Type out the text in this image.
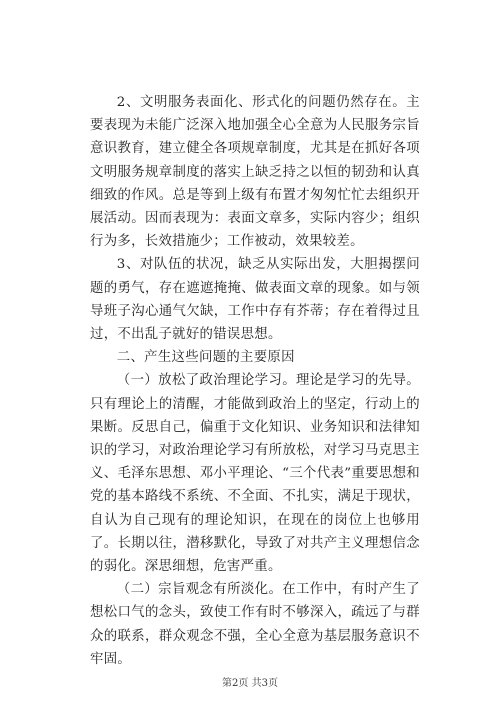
2、文明服务表面化、形式化的问题仍然存在。主要表现为未能广泛深入地加强全心全意为人民服务宗旨意识教育，建立健全各项规章制度，尤其是在抓好各项文明服务规章制度的落实上缺乏持之以恒的韧劲和认真细致的作风。总是等到上级有布置才匆匆忙忙去组织开展活动。因而表现为：表面文章多，实际内容少；组织行为多，长效措施少；工作被动，效果较差。

3、对队伍的状况，缺乏从实际出发，大胆揭摆问题的勇气，存在遮遮掩掩、做表面文章的现象。如与领导班子沟心通气欠缺，工作中存有芥蒂；存在着得过且过，不出乱子就好的错误思想。

二、产生这些问题的主要原因

（一）放松了政治理论学习。理论是学习的先导。只有理论上的清醒，才能做到政治上的坚定，行动上的果断。反思自己，偏重于文化知识、业务知识和法律知识的学习，对政治理论学习有所放松，对学习马克思主义、毛泽东思想、邓小平理论、“三个代表”重要思想和党的基本路线不系统、不全面、不扎实，满足于现状，自认为自己现有的理论知识，在现在的岗位上也够用了。长期以往，潜移默化，导致了对共产主义理想信念的弱化。深思细想，危害严重。

（二）宗旨观念有所淡化。在工作中，有时产生了想松口气的念头，致使工作有时不够深入，疏远了与群众的联系，群众观念不强，全心全意为基层服务意识不牢固。

第2页 共3页
